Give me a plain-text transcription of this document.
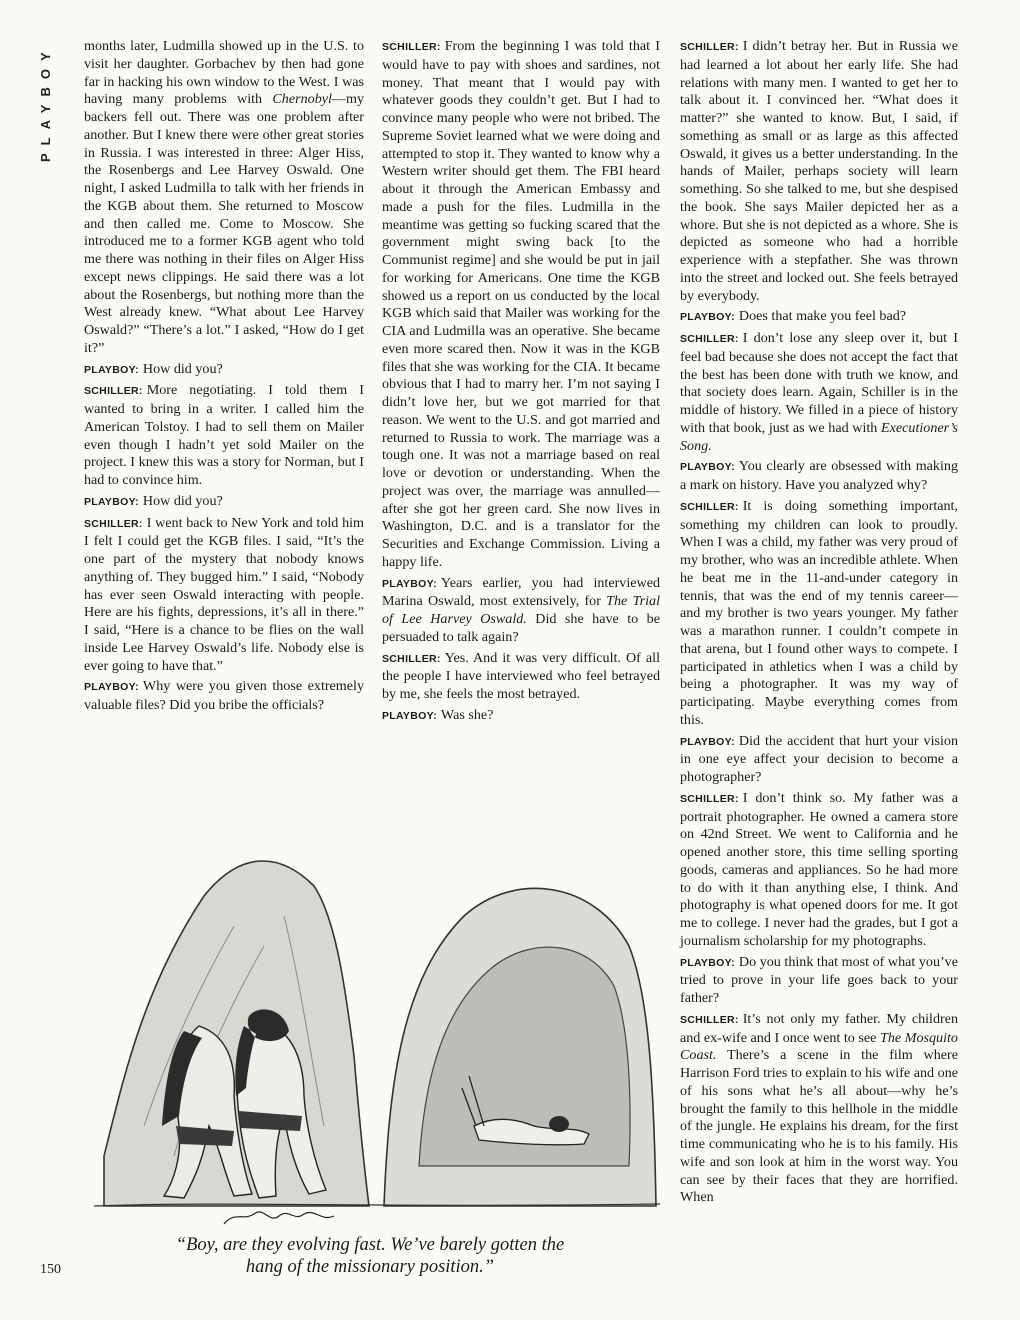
PLAYBOY	months later, Ludmilla showed up in the U.S. to visit her daughter. Gorbachev by then had gone far in hacking his own window to the West. I was having many problems with Chernobyl—my backers fell out. There was one problem after another. But I knew there were other great stories in Russia. I was interested in three: Alger Hiss, the Rosenbergs and Lee Harvey Oswald. One night, I asked Ludmilla to talk with her friends in the KGB about them. She returned to Moscow and then called me. Come to Moscow. She introduced me to a former KGB agent who told me there was nothing in their files on Alger Hiss except news clippings. He said there was a lot about the Rosenbergs, but nothing more than the West already knew. “What about Lee Harvey Oswald?” “There’s a lot.” I asked, “How do I get it?”

PLAYBOY: How did you?

SCHILLER: More negotiating. I told them I wanted to bring in a writer. I called him the American Tolstoy. I had to sell them on Mailer even though I hadn’t yet sold Mailer on the project. I knew this was a story for Norman, but I had to convince him.

PLAYBOY: How did you?

SCHILLER: I went back to New York and told him I felt I could get the KGB files. I said, “It’s the one part of the mystery that nobody knows anything of. They bugged him.” I said, “Nobody has ever seen Oswald interacting with people. Here are his fights, depressions, it’s all in there.” I said, “Here is a chance to be flies on the wall inside Lee Harvey Oswald’s life. Nobody else is ever going to have that.”

PLAYBOY: Why were you given those extremely valuable files? Did you bribe the officials?

SCHILLER: From the beginning I was told that I would have to pay with shoes and sardines, not money. That meant that I would pay with whatever goods they couldn’t get. But I had to convince many people who were not bribed. The Supreme Soviet learned what we were doing and attempted to stop it. They wanted to know why a Western writer should get them. The FBI heard about it through the American Embassy and made a push for the files. Ludmilla in the meantime was getting so fucking scared that the government might swing back [to the Communist regime] and she would be put in jail for working for Americans. One time the KGB showed us a report on us conducted by the local KGB which said that Mailer was working for the CIA and Ludmilla was an operative. She became even more scared then. Now it was in the KGB files that she was working for the CIA. It became obvious that I had to marry her. I’m not saying I didn’t love her, but we got married for that reason. We went to the U.S. and got married and returned to Russia to work. The marriage was a tough one. It was not a marriage based on real love or devotion or understanding. When the project was over, the marriage was annulled—after she got her green card. She now lives in Washington, D.C. and is a translator for the Securities and Exchange Commission. Living a happy life.

PLAYBOY: Years earlier, you had interviewed Marina Oswald, most extensively, for The Trial of Lee Harvey Oswald. Did she have to be persuaded to talk again?

SCHILLER: Yes. And it was very difficult. Of all the people I have interviewed who feel betrayed by me, she feels the most betrayed.

PLAYBOY: Was she?

SCHILLER: I didn’t betray her. But in Russia we had learned a lot about her early life. She had relations with many men. I wanted to get her to talk about it. I convinced her. “What does it matter?” she wanted to know. But, I said, if something as small or as large as this affected Oswald, it gives us a better understanding. In the hands of Mailer, perhaps society will learn something. So she talked to me, but she despised the book. She says Mailer depicted her as a whore. But she is not depicted as a whore. She is depicted as someone who had a horrible experience with a stepfather. She was thrown into the street and locked out. She feels betrayed by everybody.

PLAYBOY: Does that make you feel bad?

SCHILLER: I don’t lose any sleep over it, but I feel bad because she does not accept the fact that the best has been done with truth we know, and that society does learn. Again, Schiller is in the middle of history. We filled in a piece of history with that book, just as we had with Executioner’s Song.

PLAYBOY: You clearly are obsessed with making a mark on history. Have you analyzed why?

SCHILLER: It is doing something important, something my children can look to proudly. When I was a child, my father was very proud of my brother, who was an incredible athlete. When he beat me in the 11-and-under category in tennis, that was the end of my tennis career—and my brother is two years younger. My father was a marathon runner. I couldn’t compete in that arena, but I found other ways to compete. I participated in athletics when I was a child by being a photographer. It was my way of participating. Maybe everything comes from this.

PLAYBOY: Did the accident that hurt your vision in one eye affect your decision to become a photographer?

SCHILLER: I don’t think so. My father was a portrait photographer. He owned a camera store on 42nd Street. We went to California and he opened another store, this time selling sporting goods, cameras and appliances. So he had more to do with it than anything else, I think. And photography is what opened doors for me. It got me to college. I never had the grades, but I got a journalism scholarship for my photographs.

PLAYBOY: Do you think that most of what you’ve tried to prove in your life goes back to your father?

SCHILLER: It’s not only my father. My children and ex-wife and I once went to see The Mosquito Coast. There’s a scene in the film where Harrison Ford tries to explain to his wife and one of his sons what he’s all about—why he’s brought the family to this hellhole in the middle of the jungle. He explains his dream, for the first time communicating who he is to his family. His wife and son look at him in the worst way. You can see by their faces that they are horrified. When

“Boy, are they evolving fast. We’ve barely gotten the
hang of the missionary position.”
150
